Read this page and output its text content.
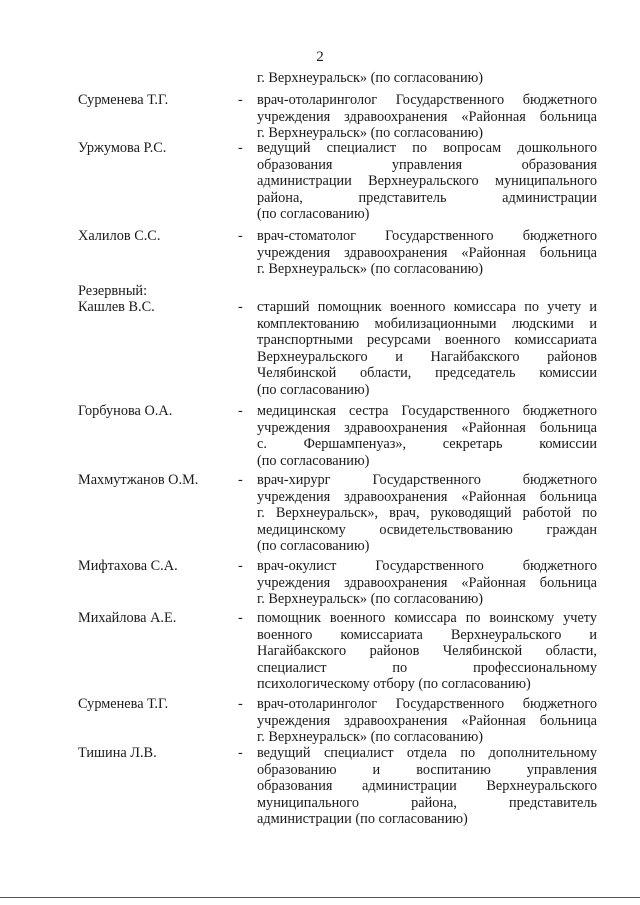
2
г. Верхнеуральск» (по согласованию)
Сурменева Т.Г.	- врач-отоларинголог Государственного бюджетного
учреждения здравоохранения «Районная больница
г. Верхнеуральск» (по согласованию)
Уржумова Р.С.	- ведущий специалист по вопросам дошкольного
образования управления образования
администрации Верхнеуральского муниципального
района, представитель администрации
(по согласованию)
Халилов С.С.	- врач-стоматолог Государственного бюджетного
учреждения здравоохранения «Районная больница
г. Верхнеуральск» (по согласованию)
Резервный:
Кашлев В.С.	- старший помощник военного комиссара по учету и
комплектованию мобилизационными людскими и
транспортными ресурсами военного комиссариата
Верхнеуральского и Нагайбакского районов
Челябинской области, председатель комиссии
(по согласованию)
Горбунова О.А.	- медицинская сестра Государственного бюджетного
учреждения здравоохранения «Районная больница
с. Фершампенуаз», секретарь комиссии
(по согласованию)
Махмутжанов О.М.	- врач-хирург Государственного бюджетного
учреждения здравоохранения «Районная больница
г. Верхнеуральск», врач, руководящий работой по
медицинскому освидетельствованию граждан
(по согласованию)
Мифтахова С.А.	- врач-окулист Государственного бюджетного
учреждения здравоохранения «Районная больница
г. Верхнеуральск» (по согласованию)
Михайлова А.Е.	- помощник военного комиссара по воинскому учету
военного комиссариата Верхнеуральского и
Нагайбакского районов Челябинской области,
специалист по профессиональному
психологическому отбору (по согласованию)
Сурменева Т.Г.	- врач-отоларинголог Государственного бюджетного
учреждения здравоохранения «Районная больница
г. Верхнеуральск» (по согласованию)
Тишина Л.В.	- ведущий специалист отдела по дополнительному
образованию и воспитанию управления
образования администрации Верхнеуральского
муниципального района, представитель
администрации (по согласованию)
